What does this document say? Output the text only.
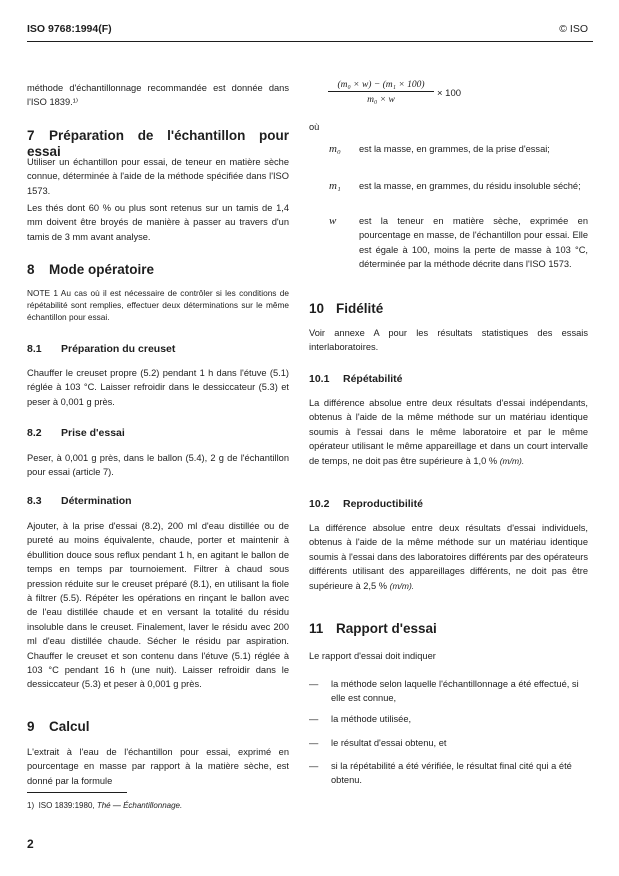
ISO 9768:1994(F)	© ISO
méthode d'échantillonnage recommandée est donnée dans l'ISO 1839.¹⁾
7 Préparation de l'échantillon pour essai
Utiliser un échantillon pour essai, de teneur en matière sèche connue, déterminée à l'aide de la méthode spécifiée dans l'ISO 1573.
Les thés dont 60 % ou plus sont retenus sur un tamis de 1,4 mm doivent être broyés de manière à passer au travers d'un tamis de 3 mm avant analyse.
8 Mode opératoire
NOTE 1 Au cas où il est nécessaire de contrôler si les conditions de répétabilité sont remplies, effectuer deux déterminations sur le même échantillon pour essai.
8.1 Préparation du creuset
Chauffer le creuset propre (5.2) pendant 1 h dans l'étuve (5.1) réglée à 103 °C. Laisser refroidir dans le dessiccateur (5.3) et peser à 0,001 g près.
8.2 Prise d'essai
Peser, à 0,001 g près, dans le ballon (5.4), 2 g de l'échantillon pour essai (article 7).
8.3 Détermination
Ajouter, à la prise d'essai (8.2), 200 ml d'eau distillée ou de pureté au moins équivalente, chaude, porter et maintenir à ébullition douce sous reflux pendant 1 h, en agitant le ballon de temps en temps par tournoiement. Filtrer à chaud sous pression réduite sur le creuset préparé (8.1), en utilisant la fiole à filtrer (5.5). Répéter les opérations en rinçant le ballon avec de l'eau distillée chaude et en versant la totalité du résidu insoluble dans le creuset. Finalement, laver le résidu avec 200 ml d'eau distillée chaude. Sécher le résidu par aspiration. Chauffer le creuset et son contenu dans l'étuve (5.1) réglée à 103 °C pendant 16 h (une nuit). Laisser refroidir dans le dessiccateur (5.3) et peser à 0,001 g près.
9 Calcul
L'extrait à l'eau de l'échantillon pour essai, exprimé en pourcentage en masse par rapport à la matière sèche, est donné par la formule
1) ISO 1839:1980, Thé — Échantillonnage.
2
(m₀ × w) − (m₁ × 100)
m₀ × w
× 100
où
m₀ est la masse, en grammes, de la prise d'essai;
m₁ est la masse, en grammes, du résidu insoluble séché;
w est la teneur en matière sèche, exprimée en pourcentage en masse, de l'échantillon pour essai. Elle est égale à 100, moins la perte de masse à 103 °C, déterminée par la méthode décrite dans l'ISO 1573.
10 Fidélité
Voir annexe A pour les résultats statistiques des essais interlaboratoires.
10.1 Répétabilité
La différence absolue entre deux résultats d'essai indépendants, obtenus à l'aide de la même méthode sur un matériau identique soumis à l'essai dans le même laboratoire et par le même opérateur utilisant le même appareillage et dans un court intervalle de temps, ne doit pas être supérieure à 1,0 % (m/m).
10.2 Reproductibilité
La différence absolue entre deux résultats d'essai individuels, obtenus à l'aide de la même méthode sur un matériau identique soumis à l'essai dans des laboratoires différents par des opérateurs différents utilisant des appareillages différents, ne doit pas être supérieure à 2,5 % (m/m).
11 Rapport d'essai
Le rapport d'essai doit indiquer
— la méthode selon laquelle l'échantillonnage a été effectué, si elle est connue,
— la méthode utilisée,
— le résultat d'essai obtenu, et
— si la répétabilité a été vérifiée, le résultat final cité qui a été obtenu.
